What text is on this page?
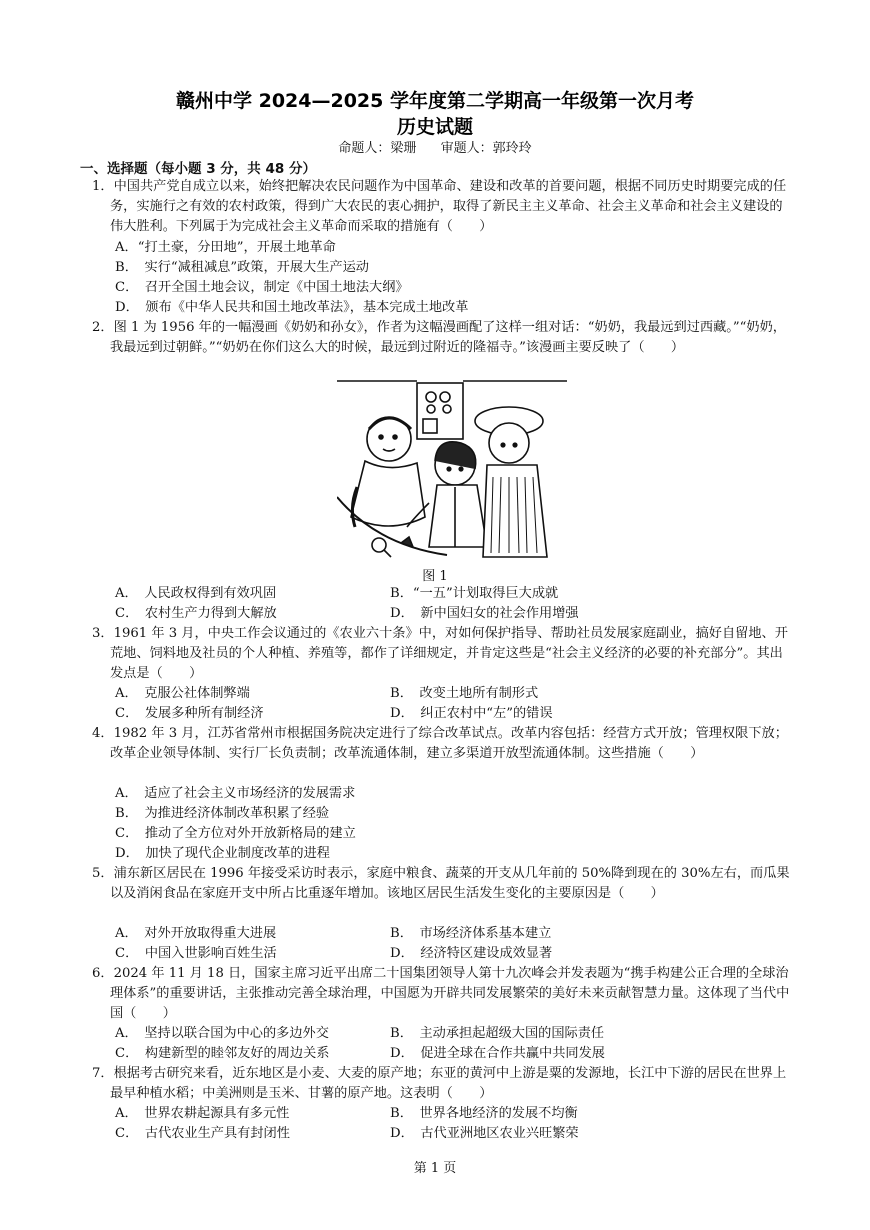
赣州中学 2024—2025 学年度第二学期高一年级第一次月考
历史试题
命题人：梁珊 审题人：郭玲玲
一、选择题（每小题 3 分，共 48 分）

1．中国共产党自成立以来，始终把解决农民问题作为中国革命、建设和改革的首要问题，根据不同历史时期要完成的任务，实施行之有效的农村政策，得到广大农民的衷心拥护，取得了新民主主义革命、社会主义革命和社会主义建设的伟大胜利。下列属于为完成社会主义革命而采取的措施有（　　）

A．“打土豪，分田地”，开展土地革命
B．　实行“减租减息”政策，开展大生产运动
C．　召开全国土地会议，制定《中国土地法大纲》
D．　颁布《中华人民共和国土地改革法》，基本完成土地改革

2．图 1 为 1956 年的一幅漫画《奶奶和孙女》，作者为这幅漫画配了这样一组对话：“奶奶，我最远到过西藏。”“奶奶，我最远到过朝鲜。”“奶奶在你们这么大的时候，最远到过附近的隆福寺。”该漫画主要反映了（　　）

图 1
A．　人民政权得到有效巩固	B．“一五”计划取得巨大成就
C．　农村生产力得到大解放	D．　新中国妇女的社会作用增强

3．1961 年 3 月，中央工作会议通过的《农业六十条》中，对如何保护指导、帮助社员发展家庭副业，搞好自留地、开荒地、饲料地及社员的个人种植、养殖等，都作了详细规定，并肯定这些是“社会主义经济的必要的补充部分”。其出发点是（　　）

A．　克服公社体制弊端	B．　改变土地所有制形式
C．　发展多种所有制经济	D．　纠正农村中“左”的错误

4．1982 年 3 月，江苏省常州市根据国务院决定进行了综合改革试点。改革内容包括：经营方式开放；管理权限下放；改革企业领导体制、实行厂长负责制；改革流通体制，建立多渠道开放型流通体制。这些措施（　　）

A．　适应了社会主义市场经济的发展需求
B．　为推进经济体制改革积累了经验
C．　推动了全方位对外开放新格局的建立
D．　加快了现代企业制度改革的进程

5．浦东新区居民在 1996 年接受采访时表示，家庭中粮食、蔬菜的开支从几年前的 50%降到现在的 30%左右，而瓜果以及消闲食品在家庭开支中所占比重逐年增加。该地区居民生活发生变化的主要原因是（　　）

A．　对外开放取得重大进展	B．　市场经济体系基本建立
C．　中国入世影响百姓生活	D．　经济特区建设成效显著

6．2024 年 11 月 18 日，国家主席习近平出席二十国集团领导人第十九次峰会并发表题为“携手构建公正合理的全球治理体系”的重要讲话，主张推动完善全球治理，中国愿为开辟共同发展繁荣的美好未来贡献智慧力量。这体现了当代中国（　　）

A．　坚持以联合国为中心的多边外交	B．　主动承担起超级大国的国际责任
C．　构建新型的睦邻友好的周边关系	D．　促进全球在合作共赢中共同发展

7．根据考古研究来看，近东地区是小麦、大麦的原产地；东亚的黄河中上游是粟的发源地，长江中下游的居民在世界上最早种植水稻；中美洲则是玉米、甘薯的原产地。这表明（　　）

A．　世界农耕起源具有多元性	B．　世界各地经济的发展不均衡
C．　古代农业生产具有封闭性	D．　古代亚洲地区农业兴旺繁荣
第 1 页
